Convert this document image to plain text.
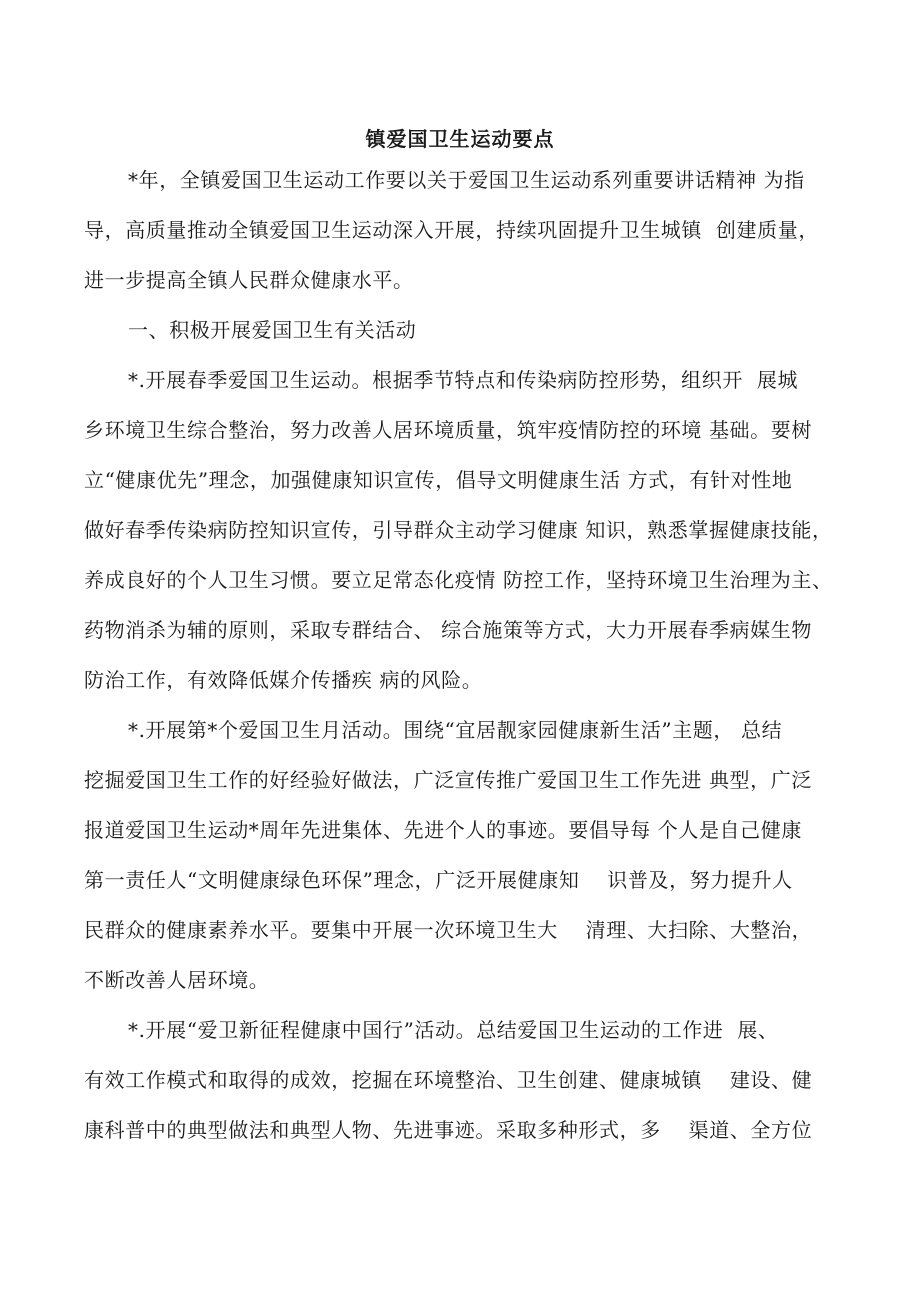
镇爱国卫生运动要点

*年，全镇爱国卫生运动工作要以关于爱国卫生运动系列重要讲话精神 为指

导，高质量推动全镇爱国卫生运动深入开展，持续巩固提升卫生城镇  创建质量，

进一步提高全镇人民群众健康水平。

一、积极开展爱国卫生有关活动

*.开展春季爱国卫生运动。根据季节特点和传染病防控形势，组织开  展城

乡环境卫生综合整治，努力改善人居环境质量，筑牢疫情防控的环境 基础。要树

立“健康优先”理念，加强健康知识宣传，倡导文明健康生活 方式，有针对性地

做好春季传染病防控知识宣传，引导群众主动学习健康 知识，熟悉掌握健康技能，

养成良好的个人卫生习惯。要立足常态化疫情 防控工作，坚持环境卫生治理为主、

药物消杀为辅的原则，采取专群结合、 综合施策等方式，大力开展春季病媒生物

防治工作，有效降低媒介传播疾 病的风险。

*.开展第*个爱国卫生月活动。围绕“宜居靓家园健康新生活”主题， 总结

挖掘爱国卫生工作的好经验好做法，广泛宣传推广爱国卫生工作先进 典型，广泛

报道爱国卫生运动*周年先进集体、先进个人的事迹。要倡导每 个人是自己健康

第一责任人“文明健康绿色环保”理念，广泛开展健康知    识普及，努力提升人

民群众的健康素养水平。要集中开展一次环境卫生大    清理、大扫除、大整治，

不断改善人居环境。

*.开展“爱卫新征程健康中国行”活动。总结爱国卫生运动的工作进  展、

有效工作模式和取得的成效，挖掘在环境整治、卫生创建、健康城镇    建设、健

康科普中的典型做法和典型人物、先进事迹。采取多种形式，多    渠道、全方位
